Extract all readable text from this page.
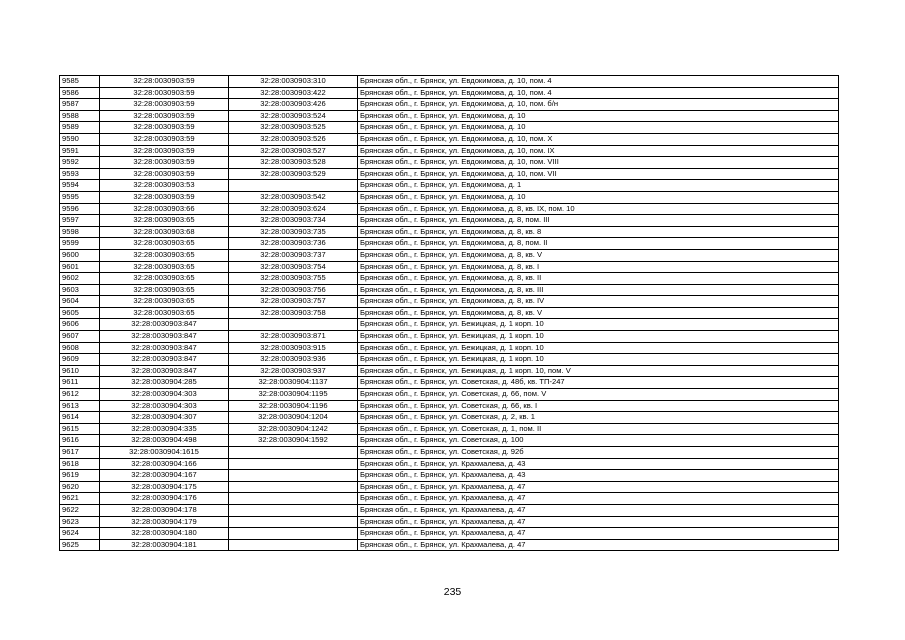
9585	32:28:0030903:59	32:28:0030903:310	Брянская обл., г. Брянск, ул. Евдокимова, д. 10, пом. 4
9586	32:28:0030903:59	32:28:0030903:422	Брянская обл., г. Брянск, ул. Евдокимова, д. 10, пом. 4
9587	32:28:0030903:59	32:28:0030903:426	Брянская обл., г. Брянск, ул. Евдокимова, д. 10, пом. б/н
9588	32:28:0030903:59	32:28:0030903:524	Брянская обл., г. Брянск, ул. Евдокимова, д. 10
9589	32:28:0030903:59	32:28:0030903:525	Брянская обл., г. Брянск, ул. Евдокимова, д. 10
9590	32:28:0030903:59	32:28:0030903:526	Брянская обл., г. Брянск, ул. Евдокимова, д. 10, пом. X
9591	32:28:0030903:59	32:28:0030903:527	Брянская обл., г. Брянск, ул. Евдокимова, д. 10, пом. IX
9592	32:28:0030903:59	32:28:0030903:528	Брянская обл., г. Брянск, ул. Евдокимова, д. 10, пом. VIII
9593	32:28:0030903:59	32:28:0030903:529	Брянская обл., г. Брянск, ул. Евдокимова, д. 10, пом. VII
9594	32:28:0030903:53		Брянская обл., г. Брянск, ул. Евдокимова, д. 1
9595	32:28:0030903:59	32:28:0030903:542	Брянская обл., г. Брянск, ул. Евдокимова, д. 10
9596	32:28:0030903:66	32:28:0030903:624	Брянская обл., г. Брянск, ул. Евдокимова, д. 8, кв. IX, пом. 10
9597	32:28:0030903:65	32:28:0030903:734	Брянская обл., г. Брянск, ул. Евдокимова, д. 8, пом. III
9598	32:28:0030903:68	32:28:0030903:735	Брянская обл., г. Брянск, ул. Евдокимова, д. 8, кв. 8
9599	32:28:0030903:65	32:28:0030903:736	Брянская обл., г. Брянск, ул. Евдокимова, д. 8, пом. II
9600	32:28:0030903:65	32:28:0030903:737	Брянская обл., г. Брянск, ул. Евдокимова, д. 8, кв. V
9601	32:28:0030903:65	32:28:0030903:754	Брянская обл., г. Брянск, ул. Евдокимова, д. 8, кв. I
9602	32:28:0030903:65	32:28:0030903:755	Брянская обл., г. Брянск, ул. Евдокимова, д. 8, кв. II
9603	32:28:0030903:65	32:28:0030903:756	Брянская обл., г. Брянск, ул. Евдокимова, д. 8, кв. III
9604	32:28:0030903:65	32:28:0030903:757	Брянская обл., г. Брянск, ул. Евдокимова, д. 8, кв. IV
9605	32:28:0030903:65	32:28:0030903:758	Брянская обл., г. Брянск, ул. Евдокимова, д. 8, кв. V
9606	32:28:0030903:847		Брянская обл., г. Брянск, ул. Бежицкая, д. 1 корп. 10
9607	32:28:0030903:847	32:28:0030903:871	Брянская обл., г. Брянск, ул. Бежицкая, д. 1 корп. 10
9608	32:28:0030903:847	32:28:0030903:915	Брянская обл., г. Брянск, ул. Бежицкая, д. 1 корп. 10
9609	32:28:0030903:847	32:28:0030903:936	Брянская обл., г. Брянск, ул. Бежицкая, д. 1 корп. 10
9610	32:28:0030903:847	32:28:0030903:937	Брянская обл., г. Брянск, ул. Бежицкая, д. 1 корп. 10, пом. V
9611	32:28:0030904:285	32:28:0030904:1137	Брянская обл., г. Брянск, ул. Советская, д. 48б, кв. ТП-247
9612	32:28:0030904:303	32:28:0030904:1195	Брянская обл., г. Брянск, ул. Советская, д. 66, пом. V
9613	32:28:0030904:303	32:28:0030904:1196	Брянская обл., г. Брянск, ул. Советская, д. 66, кв. I
9614	32:28:0030904:307	32:28:0030904:1204	Брянская обл., г. Брянск, ул. Советская, д. 2, кв. 1
9615	32:28:0030904:335	32:28:0030904:1242	Брянская обл., г. Брянск, ул. Советская, д. 1, пом. II
9616	32:28:0030904:498	32:28:0030904:1592	Брянская обл., г. Брянск, ул. Советская, д. 100
9617	32:28:0030904:1615		Брянская обл., г. Брянск, ул. Советская, д. 92б
9618	32:28:0030904:166		Брянская обл., г. Брянск, ул. Крахмалева, д. 43
9619	32:28:0030904:167		Брянская обл., г. Брянск, ул. Крахмалева, д. 43
9620	32:28:0030904:175		Брянская обл., г. Брянск, ул. Крахмалева, д. 47
9621	32:28:0030904:176		Брянская обл., г. Брянск, ул. Крахмалева, д. 47
9622	32:28:0030904:178		Брянская обл., г. Брянск, ул. Крахмалева, д. 47
9623	32:28:0030904:179		Брянская обл., г. Брянск, ул. Крахмалева, д. 47
9624	32:28:0030904:180		Брянская обл., г. Брянск, ул. Крахмалева, д. 47
9625	32:28:0030904:181		Брянская обл., г. Брянск, ул. Крахмалева, д. 47
235
